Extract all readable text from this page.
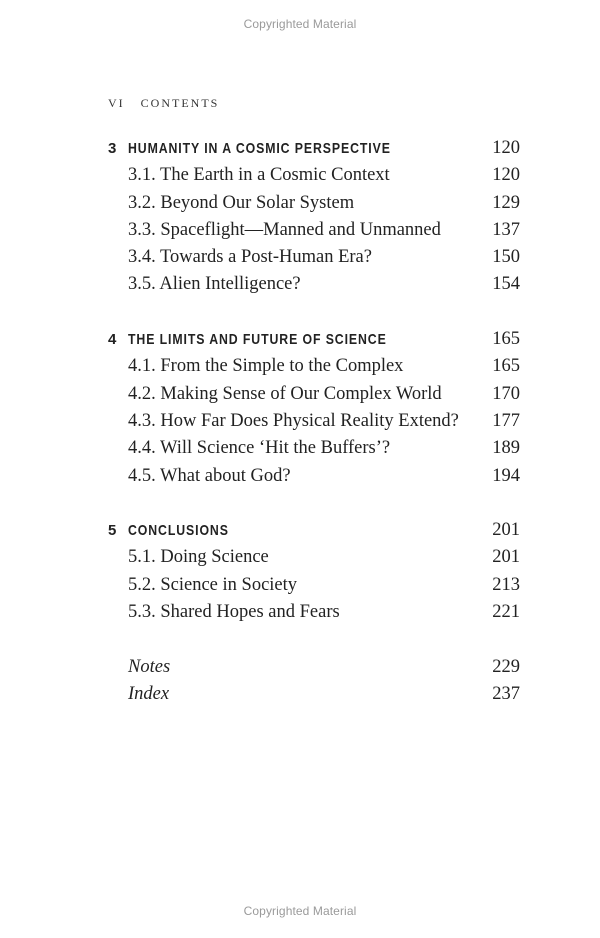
Copyrighted Material
VI CONTENTS
3 HUMANITY IN A COSMIC PERSPECTIVE	120
3.1. The Earth in a Cosmic Context	120
3.2. Beyond Our Solar System	129
3.3. Spaceflight—Manned and Unmanned	137
3.4. Towards a Post-Human Era?	150
3.5. Alien Intelligence?	154
4 THE LIMITS AND FUTURE OF SCIENCE	165
4.1. From the Simple to the Complex	165
4.2. Making Sense of Our Complex World	170
4.3. How Far Does Physical Reality Extend? 177
4.4. Will Science ‘Hit the Buffers’?	189
4.5. What about God?	194
5 CONCLUSIONS	201
5.1. Doing Science	201
5.2. Science in Society	213
5.3. Shared Hopes and Fears	221
Notes	229
Index	237
Copyrighted Material
